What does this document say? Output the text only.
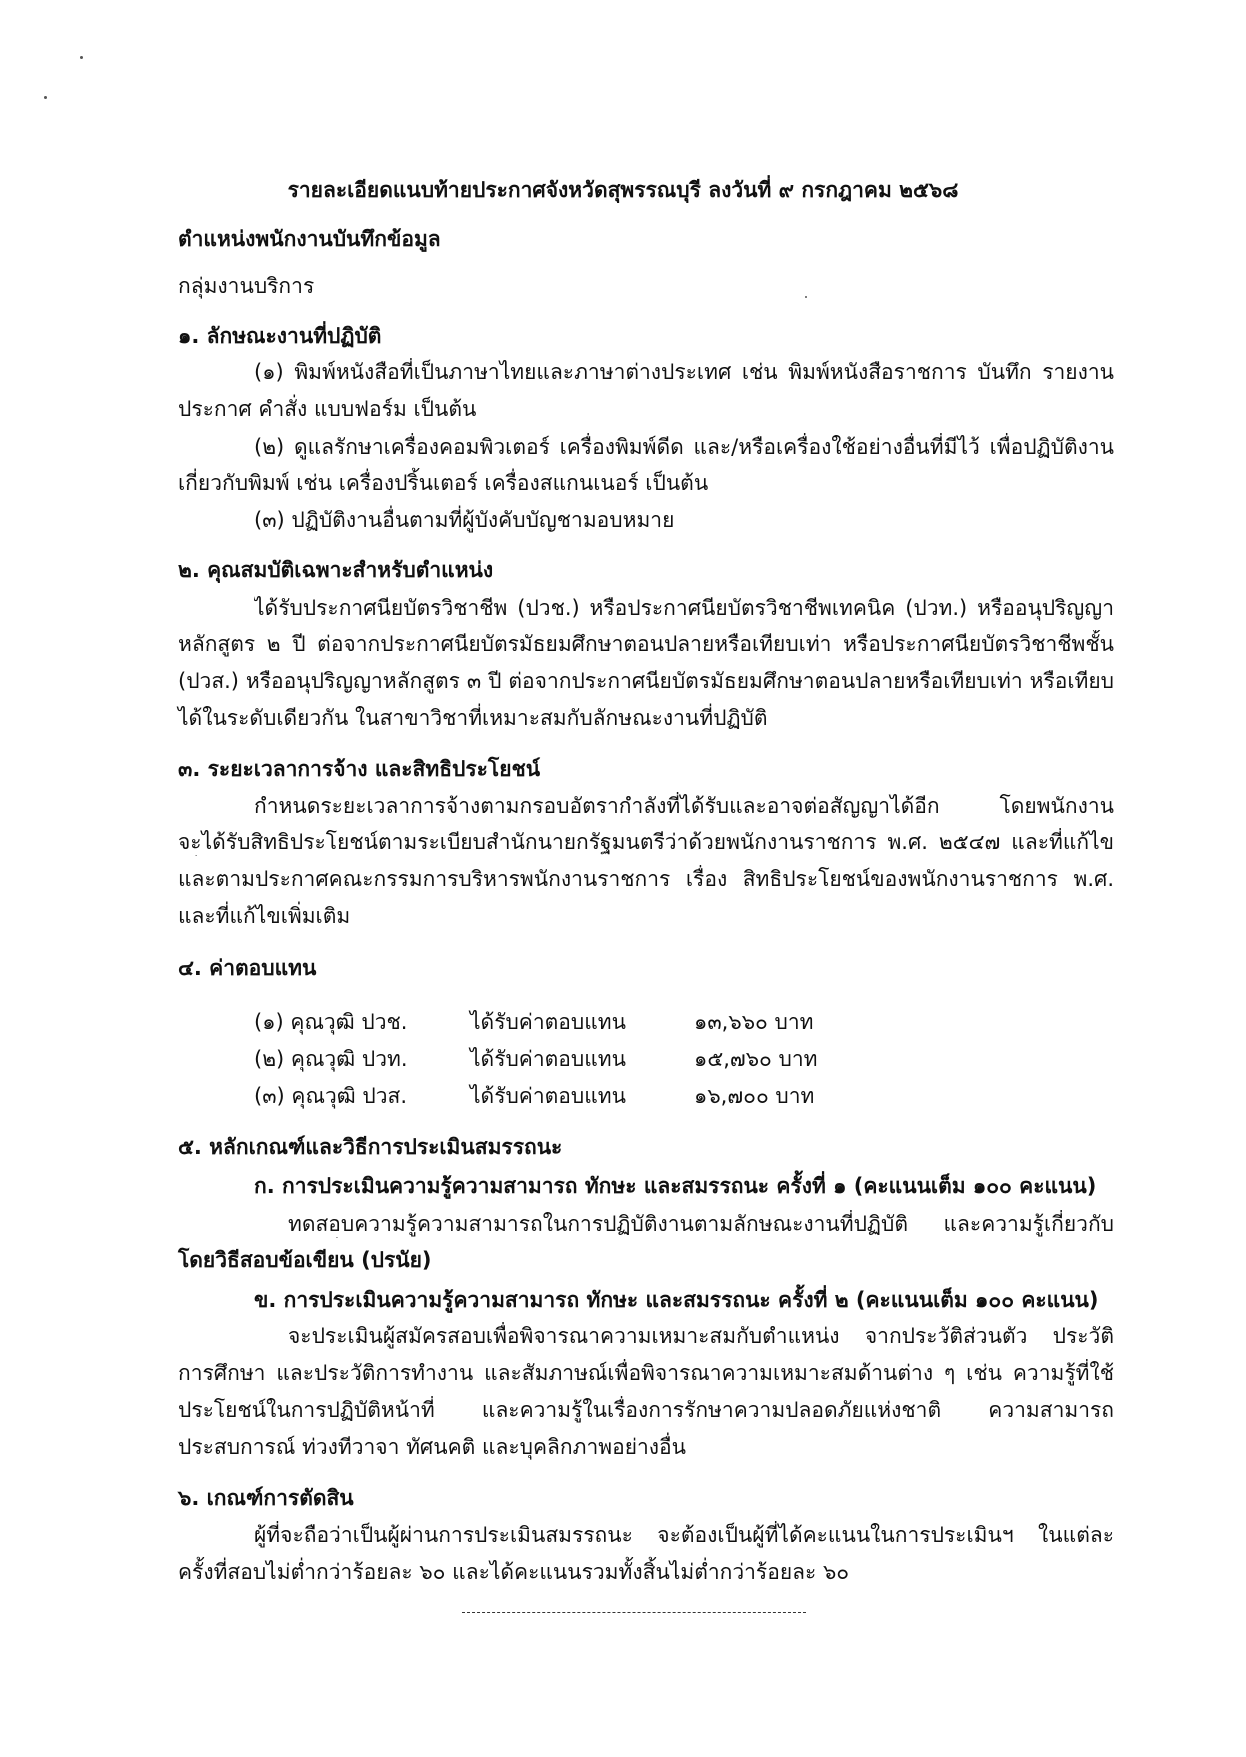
รายละเอียดแนบท้ายประกาศจังหวัดสุพรรณบุรี ลงวันที่ ๙ กรกฎาคม ๒๕๖๘
ตำแหน่งพนักงานบันทึกข้อมูล
กลุ่มงานบริการ
๑. ลักษณะงานที่ปฏิบัติ
(๑) พิมพ์หนังสือที่เป็นภาษาไทยและภาษาต่างประเทศ เช่น พิมพ์หนังสือราชการ บันทึก รายงาน
ประกาศ คำสั่ง แบบฟอร์ม เป็นต้น
(๒) ดูแลรักษาเครื่องคอมพิวเตอร์ เครื่องพิมพ์ดีด และ/หรือเครื่องใช้อย่างอื่นที่มีไว้ เพื่อปฏิบัติงาน
เกี่ยวกับพิมพ์ เช่น เครื่องปริ้นเตอร์ เครื่องสแกนเนอร์ เป็นต้น
(๓) ปฏิบัติงานอื่นตามที่ผู้บังคับบัญชามอบหมาย
๒. คุณสมบัติเฉพาะสำหรับตำแหน่ง
ได้รับประกาศนียบัตรวิชาชีพ (ปวช.) หรือประกาศนียบัตรวิชาชีพเทคนิค (ปวท.) หรืออนุปริญญา
หลักสูตร ๒ ปี ต่อจากประกาศนียบัตรมัธยมศึกษาตอนปลายหรือเทียบเท่า หรือประกาศนียบัตรวิชาชีพชั้น
(ปวส.) หรืออนุปริญญาหลักสูตร ๓ ปี ต่อจากประกาศนียบัตรมัธยมศึกษาตอนปลายหรือเทียบเท่า หรือเทียบ
ได้ในระดับเดียวกัน ในสาขาวิชาที่เหมาะสมกับลักษณะงานที่ปฏิบัติ
๓. ระยะเวลาการจ้าง และสิทธิประโยชน์
กำหนดระยะเวลาการจ้างตามกรอบอัตรากำลังที่ได้รับและอาจต่อสัญญาได้อีก โดยพนักงาน
จะได้รับสิทธิประโยชน์ตามระเบียบสำนักนายกรัฐมนตรีว่าด้วยพนักงานราชการ พ.ศ. ๒๕๔๗ และที่แก้ไข
และตามประกาศคณะกรรมการบริหารพนักงานราชการ เรื่อง สิทธิประโยชน์ของพนักงานราชการ พ.ศ.
และที่แก้ไขเพิ่มเติม
๔. ค่าตอบแทน
(๑) คุณวุฒิ ปวช.	ได้รับค่าตอบแทน	๑๓,๖๖๐ บาท
(๒) คุณวุฒิ ปวท.	ได้รับค่าตอบแทน	๑๕,๗๖๐ บาท
(๓) คุณวุฒิ ปวส.	ได้รับค่าตอบแทน	๑๖,๗๐๐ บาท
๕. หลักเกณฑ์และวิธีการประเมินสมรรถนะ
ก. การประเมินความรู้ความสามารถ ทักษะ และสมรรถนะ ครั้งที่ ๑ (คะแนนเต็ม ๑๐๐ คะแนน)
ทดสอบความรู้ความสามารถในการปฏิบัติงานตามลักษณะงานที่ปฏิบัติ และความรู้เกี่ยวกับ
โดยวิธีสอบข้อเขียน (ปรนัย)
ข. การประเมินความรู้ความสามารถ ทักษะ และสมรรถนะ ครั้งที่ ๒ (คะแนนเต็ม ๑๐๐ คะแนน)
จะประเมินผู้สมัครสอบเพื่อพิจารณาความเหมาะสมกับตำแหน่ง จากประวัติส่วนตัว ประวัติ
การศึกษา และประวัติการทำงาน และสัมภาษณ์เพื่อพิจารณาความเหมาะสมด้านต่าง ๆ เช่น ความรู้ที่ใช้
ประโยชน์ในการปฏิบัติหน้าที่ และความรู้ในเรื่องการรักษาความปลอดภัยแห่งชาติ ความสามารถ
ประสบการณ์ ท่วงทีวาจา ทัศนคติ และบุคลิกภาพอย่างอื่น
๖. เกณฑ์การตัดสิน
ผู้ที่จะถือว่าเป็นผู้ผ่านการประเมินสมรรถนะ จะต้องเป็นผู้ที่ได้คะแนนในการประเมินฯ ในแต่ละ
ครั้งที่สอบไม่ต่ำกว่าร้อยละ ๖๐ และได้คะแนนรวมทั้งสิ้นไม่ต่ำกว่าร้อยละ ๖๐
